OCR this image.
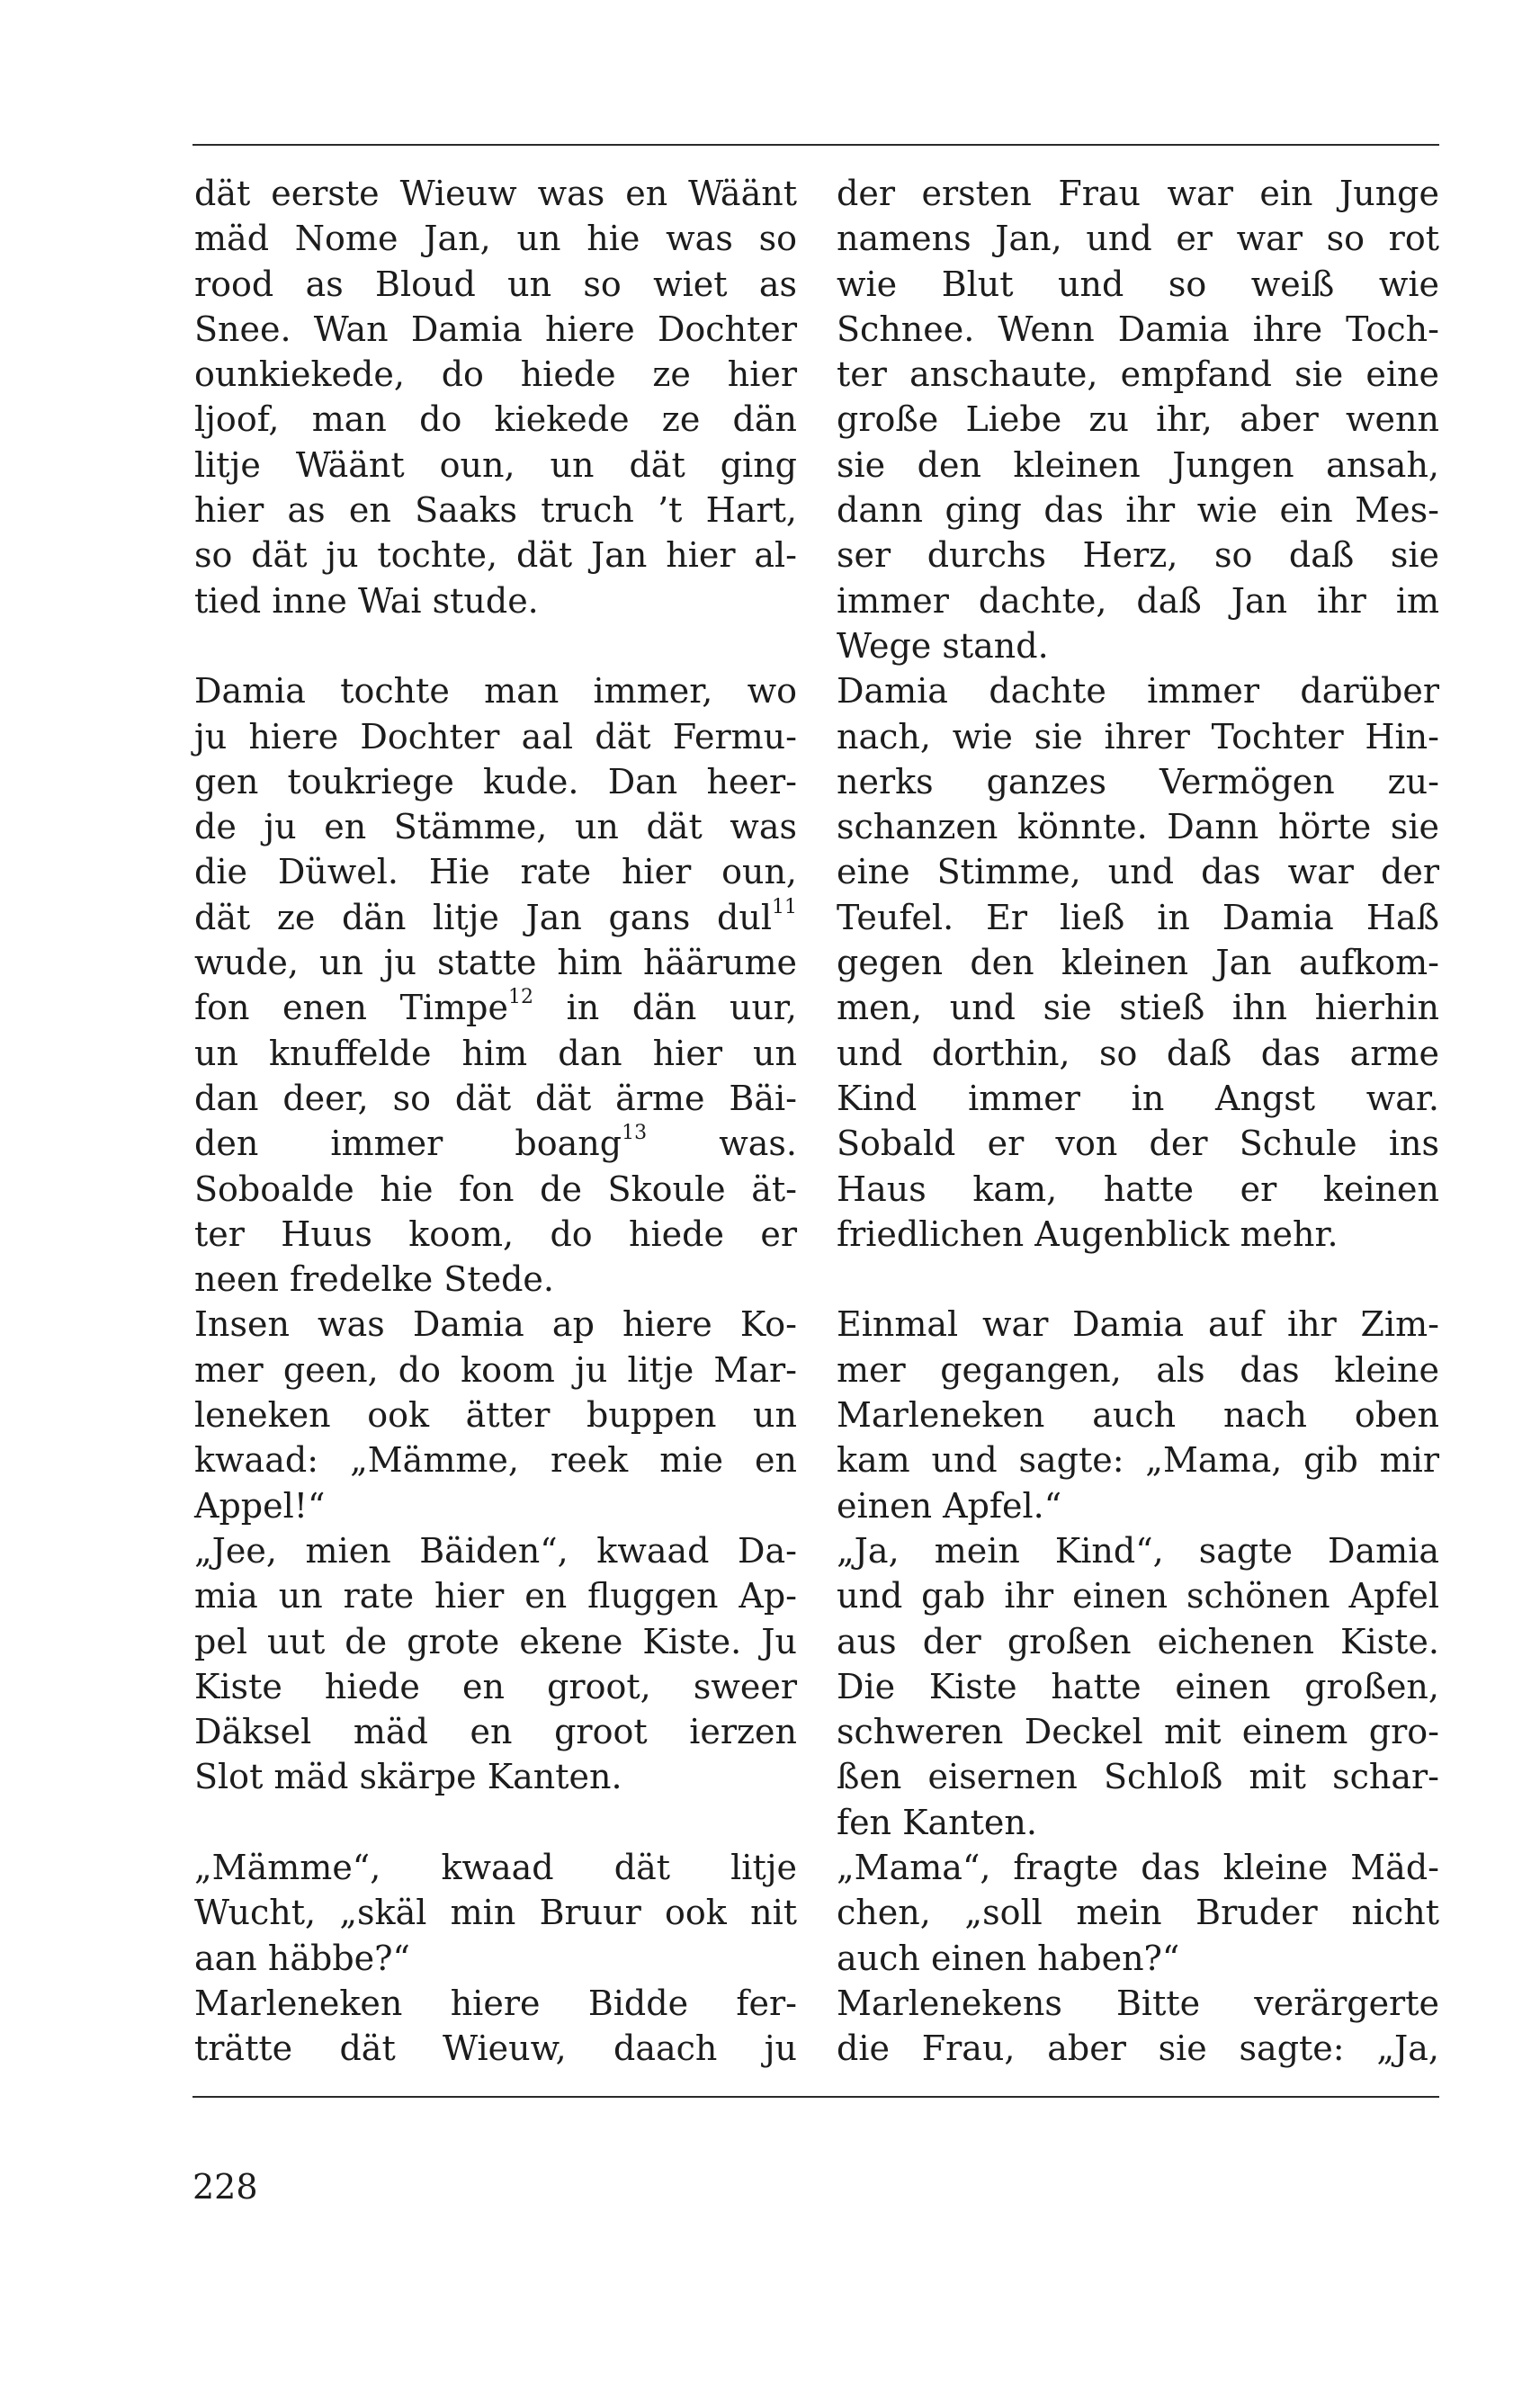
dät eerste Wieuw was en Wäänt
mäd Nome Jan, un hie was so
rood as Bloud un so wiet as
Snee. Wan Damia hiere Dochter
ounkiekede, do hiede ze hier
ljoof, man do kiekede ze dän
litje Wäänt oun, un dät ging
hier as en Saaks truch ’t Hart,
so dät ju tochte, dät Jan hier al-
tied inne Wai stude.
Damia tochte man immer, wo
ju hiere Dochter aal dät Fermu-
gen toukriege kude. Dan heer-
de ju en Stämme, un dät was
die Düwel. Hie rate hier oun,
dät ze dän litje Jan gans dul$^{11}$
wude, un ju statte him häärume
fon enen Timpe$^{12}$ in dän uur,
un knuffelde him dan hier un
dan deer, so dät dät ärme Bäi-
den immer boang$^{13}$ was.
Soboalde hie fon de Skoule ät-
ter Huus koom, do hiede er
neen fredelke Stede.
Insen was Damia ap hiere Ko-
mer geen, do koom ju litje Mar-
leneken ook ätter buppen un
kwaad: „Mämme, reek mie en
Appel!“
„Jee, mien Bäiden“, kwaad Da-
mia un rate hier en fluggen Ap-
pel uut de grote ekene Kiste. Ju
Kiste hiede en groot, sweer
Däksel mäd en groot ierzen
Slot mäd skärpe Kanten.
„Mämme“, kwaad dät litje
Wucht, „skäl min Bruur ook nit
aan häbbe?“
Marleneken hiere Bidde fer-
trätte dät Wieuw, daach ju
der ersten Frau war ein Junge
namens Jan, und er war so rot
wie Blut und so weiß wie
Schnee. Wenn Damia ihre Toch-
ter anschaute, empfand sie eine
große Liebe zu ihr, aber wenn
sie den kleinen Jungen ansah,
dann ging das ihr wie ein Mes-
ser durchs Herz, so daß sie
immer dachte, daß Jan ihr im
Wege stand.
Damia dachte immer darüber
nach, wie sie ihrer Tochter Hin-
nerks ganzes Vermögen zu-
schanzen könnte. Dann hörte sie
eine Stimme, und das war der
Teufel. Er ließ in Damia Haß
gegen den kleinen Jan aufkom-
men, und sie stieß ihn hierhin
und dorthin, so daß das arme
Kind immer in Angst war.
Sobald er von der Schule ins
Haus kam, hatte er keinen
friedlichen Augenblick mehr.
Einmal war Damia auf ihr Zim-
mer gegangen, als das kleine
Marleneken auch nach oben
kam und sagte: „Mama, gib mir
einen Apfel.“
„Ja, mein Kind“, sagte Damia
und gab ihr einen schönen Apfel
aus der großen eichenen Kiste.
Die Kiste hatte einen großen,
schweren Deckel mit einem gro-
ßen eisernen Schloß mit schar-
fen Kanten.
„Mama“, fragte das kleine Mäd-
chen, „soll mein Bruder nicht
auch einen haben?“
Marlenekens Bitte verärgerte
die Frau, aber sie sagte: „Ja,
228
